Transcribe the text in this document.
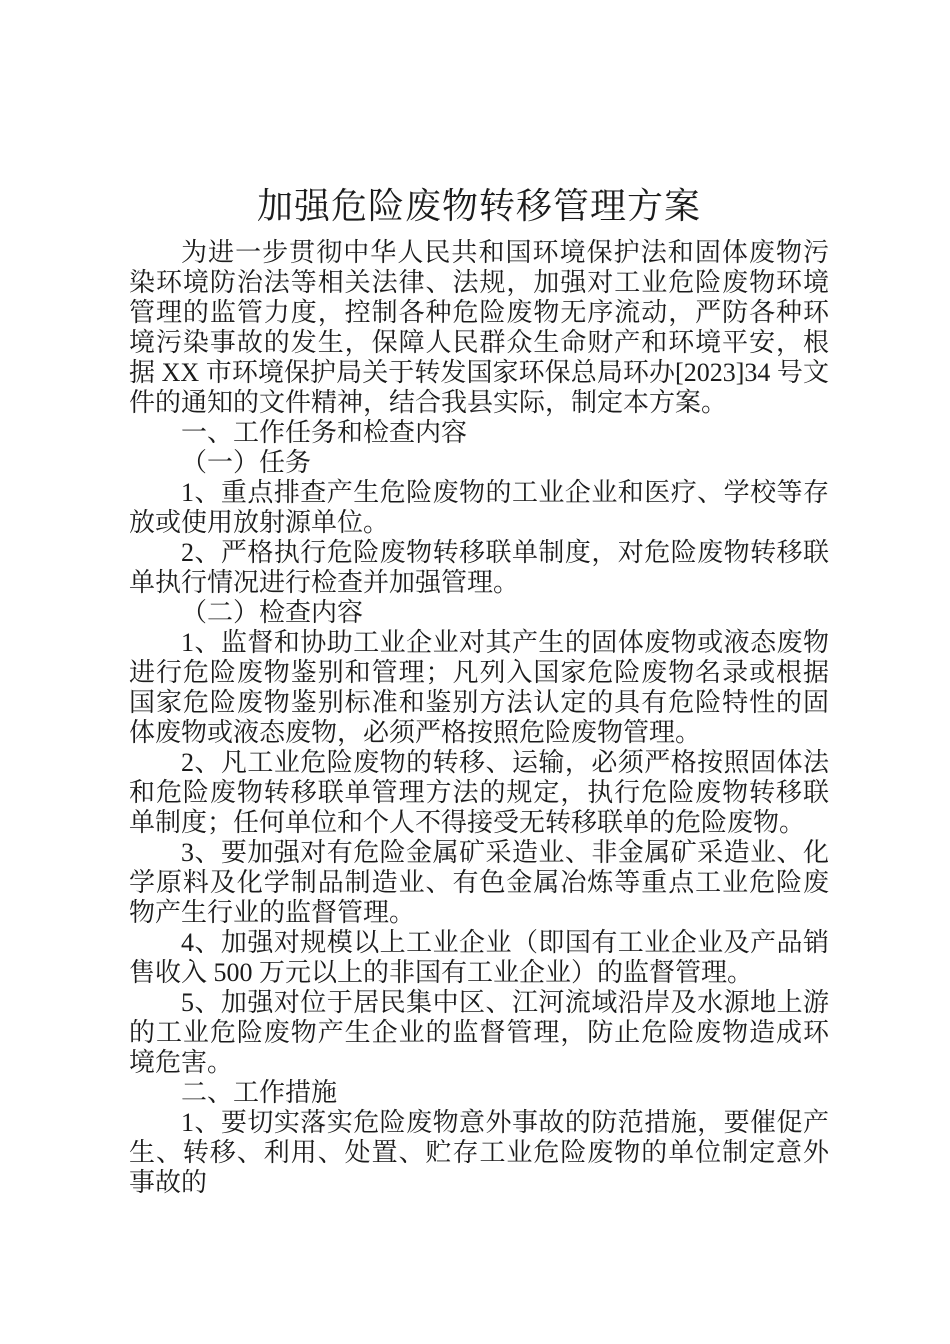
加强危险废物转移管理方案

为进一步贯彻中华人民共和国环境保护法和固体废物污染环境防治法等相关法律、法规，加强对工业危险废物环境管理的监管力度，控制各种危险废物无序流动，严防各种环境污染事故的发生，保障人民群众生命财产和环境平安，根据 XX 市环境保护局关于转发国家环保总局环办[2023]34 号文件的通知的文件精神，结合我县实际，制定本方案。

一、工作任务和检查内容

（一）任务

1、重点排查产生危险废物的工业企业和医疗、学校等存放或使用放射源单位。

2、严格执行危险废物转移联单制度，对危险废物转移联单执行情况进行检查并加强管理。

（二）检查内容

1、监督和协助工业企业对其产生的固体废物或液态废物进行危险废物鉴别和管理；凡列入国家危险废物名录或根据国家危险废物鉴别标准和鉴别方法认定的具有危险特性的固体废物或液态废物，必须严格按照危险废物管理。

2、凡工业危险废物的转移、运输，必须严格按照固体法和危险废物转移联单管理方法的规定，执行危险废物转移联单制度；任何单位和个人不得接受无转移联单的危险废物。

3、要加强对有危险金属矿采造业、非金属矿采造业、化学原料及化学制品制造业、有色金属冶炼等重点工业危险废物产生行业的监督管理。

4、加强对规模以上工业企业（即国有工业企业及产品销售收入 500 万元以上的非国有工业企业）的监督管理。

5、加强对位于居民集中区、江河流域沿岸及水源地上游的工业危险废物产生企业的监督管理，防止危险废物造成环境危害。

二、工作措施

1、要切实落实危险废物意外事故的防范措施，要催促产生、转移、利用、处置、贮存工业危险废物的单位制定意外事故的
